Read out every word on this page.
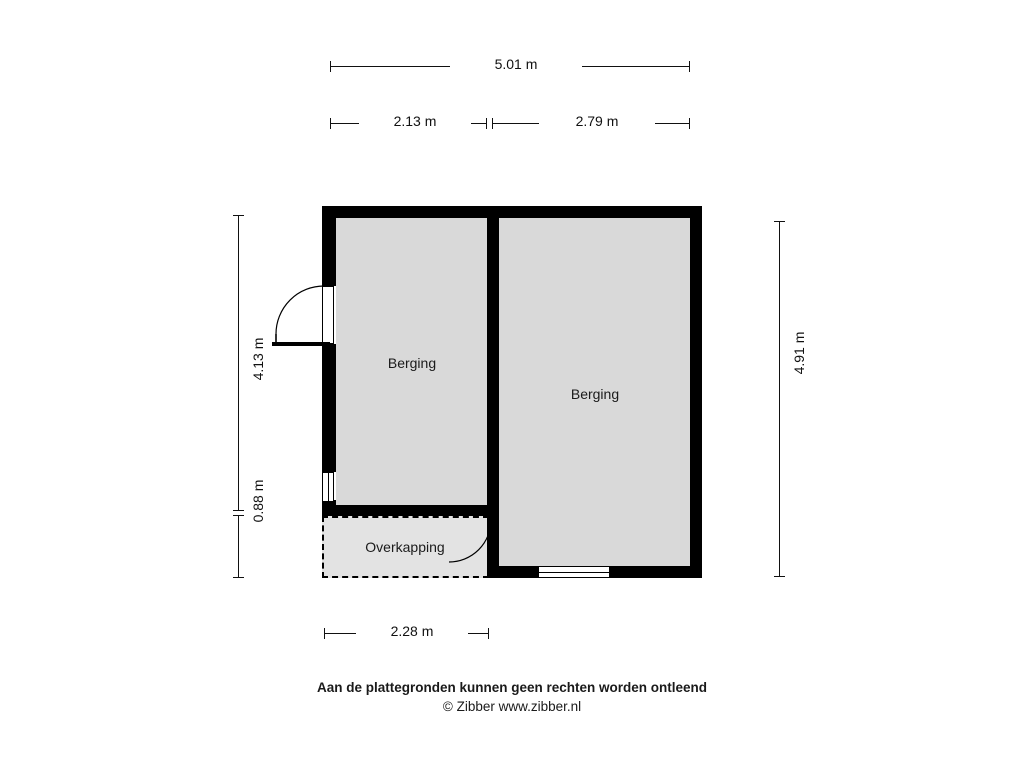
5.01 m
2.13 m	2.79 m
4.13 m
0.88 m
4.91 m
2.28 m
Berging
Berging
Overkapping
Aan de plattegronden kunnen geen rechten worden ontleend
© Zibber www.zibber.nl
